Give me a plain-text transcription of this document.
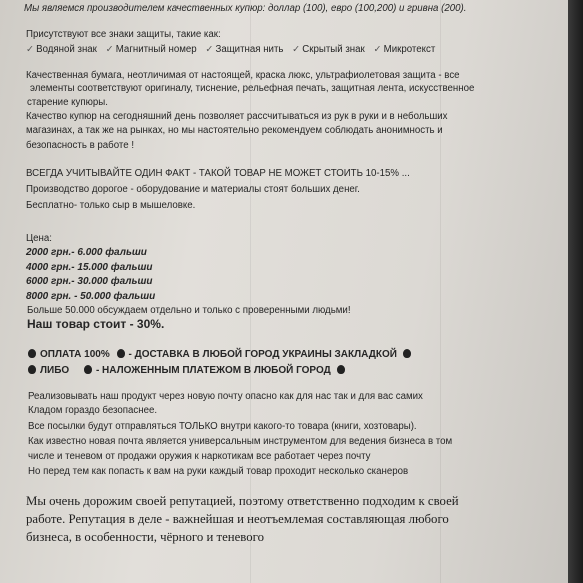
Мы являемся производителем качественных купюр: доллар (100), евро (100,200) и гривна (200).
Присутствуют все знаки защиты, такие как:
✓ Водяной знак ✓ Магнитный номер ✓ Защитная нить ✓ Скрытый знак ✓ Микротекст
Качественная бумага, неотличимая от настоящей, краска люкс, ультрафиолетовая защита - все
элементы соответствуют оригиналу, тиснение, рельефная печать, защитная лента, искусственное
старение купюры.
Качество купюр на сегодняшний день позволяет рассчитываться из рук в руки и в небольших
магазинах, а так же на рынках, но мы настоятельно рекомендуем соблюдать анонимность и
безопасность в работе !
ВСЕГДА УЧИТЫВАЙТЕ ОДИН ФАКТ - ТАКОЙ ТОВАР НЕ МОЖЕТ СТОИТЬ 10-15% ...
Производство дорогое - оборудование и материалы стоят больших денег.
Бесплатно- только сыр в мышеловке.
Цена:
2000 грн.- 6.000 фальши
4000 грн.- 15.000 фальши
6000 грн.- 30.000 фальши
8000 грн. - 50.000 фальши
Больше 50.000 обсуждаем отдельно и только с проверенными людьми!
Наш товар стоит - 30%.
ОПЛАТА 100% - ДОСТАВКА В ЛЮБОЙ ГОРОД УКРАИНЫ ЗАКЛАДКОЙ
ЛИБО	- НАЛОЖЕННЫМ ПЛАТЕЖОМ В ЛЮБОЙ ГОРОД
Реализовывать наш продукт через новую почту опасно как для нас так и для вас самих
Кладом гораздо безопаснее.
Все посылки будут отправляться ТОЛЬКО внутри какого-то товара (книги, хозтовары).
Как известно новая почта является универсальным инструментом для ведения бизнеса в том
числе и теневом от продажи оружия к наркотикам все работает через почту
Но перед тем как попасть к вам на руки каждый товар проходит несколько сканеров
Мы очень дорожим своей репутацией, поэтому ответственно подходим к своей
работе. Репутация в деле - важнейшая и неотъемлемая составляющая любого
бизнеса, в особенности, чёрного и теневого
